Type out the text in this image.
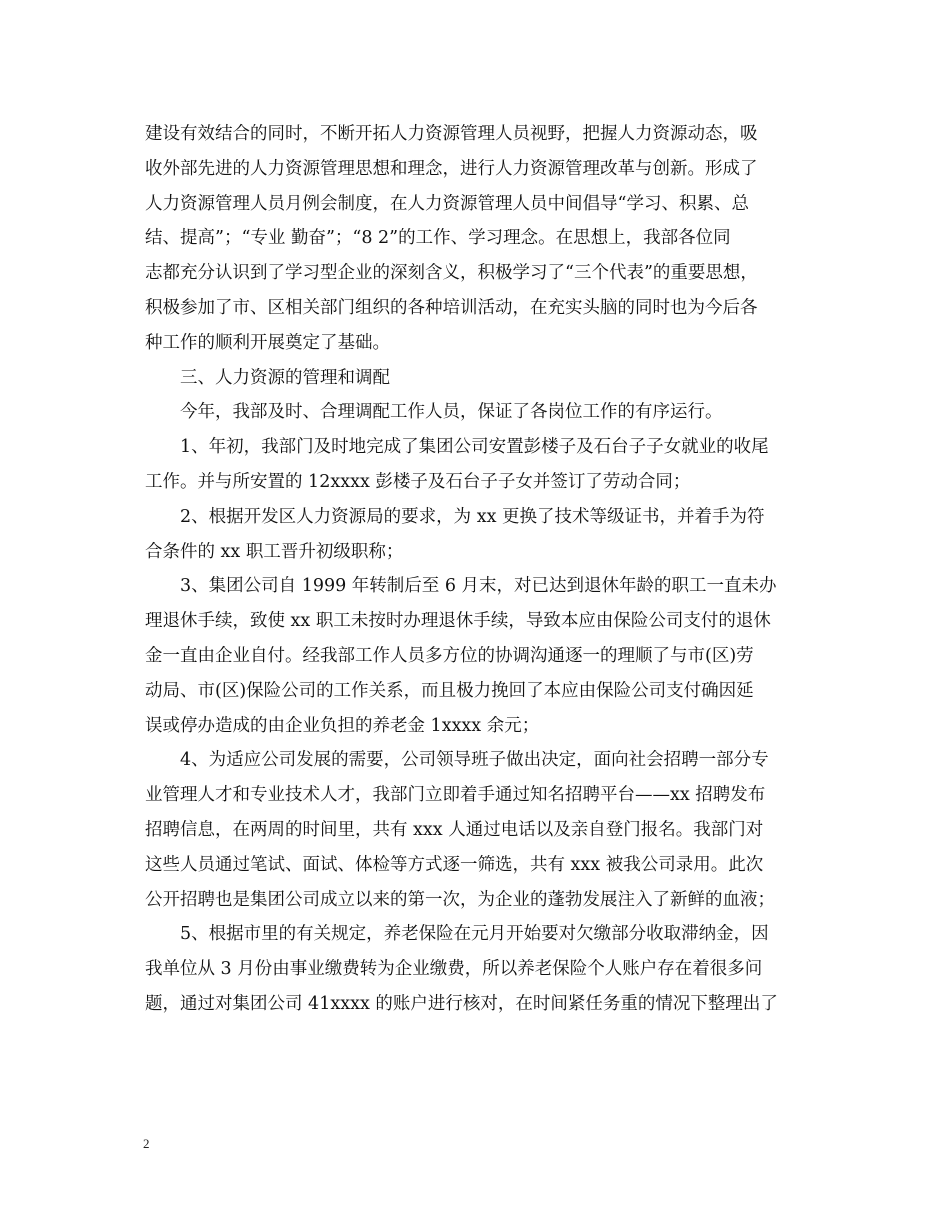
建设有效结合的同时，不断开拓人力资源管理人员视野，把握人力资源动态，吸
收外部先进的人力资源管理思想和理念，进行人力资源管理改革与创新。形成了
人力资源管理人员月例会制度，在人力资源管理人员中间倡导“学习、积累、总
结、提高”；“专业 勤奋”；“8 2”的工作、学习理念。在思想上，我部各位同
志都充分认识到了学习型企业的深刻含义，积极学习了“三个代表”的重要思想，
积极参加了市、区相关部门组织的各种培训活动，在充实头脑的同时也为今后各
种工作的顺利开展奠定了基础。
三、人力资源的管理和调配
今年，我部及时、合理调配工作人员，保证了各岗位工作的有序运行。
1、年初，我部门及时地完成了集团公司安置彭楼子及石台子子女就业的收尾
工作。并与所安置的 12xxxx 彭楼子及石台子子女并签订了劳动合同；
2、根据开发区人力资源局的要求，为 xx 更换了技术等级证书，并着手为符
合条件的 xx 职工晋升初级职称；
3、集团公司自 1999 年转制后至 6 月末，对已达到退休年龄的职工一直未办
理退休手续，致使 xx 职工未按时办理退休手续，导致本应由保险公司支付的退休
金一直由企业自付。经我部工作人员多方位的协调沟通逐一的理顺了与市(区)劳
动局、市(区)保险公司的工作关系，而且极力挽回了本应由保险公司支付确因延
误或停办造成的由企业负担的养老金 1xxxx 余元；
4、为适应公司发展的需要，公司领导班子做出决定，面向社会招聘一部分专
业管理人才和专业技术人才，我部门立即着手通过知名招聘平台——xx 招聘发布
招聘信息，在两周的时间里，共有 xxx 人通过电话以及亲自登门报名。我部门对
这些人员通过笔试、面试、体检等方式逐一筛选，共有 xxx 被我公司录用。此次
公开招聘也是集团公司成立以来的第一次，为企业的蓬勃发展注入了新鲜的血液；
5、根据市里的有关规定，养老保险在元月开始要对欠缴部分收取滞纳金，因
我单位从 3 月份由事业缴费转为企业缴费，所以养老保险个人账户存在着很多问
题，通过对集团公司 41xxxx 的账户进行核对，在时间紧任务重的情况下整理出了
2
